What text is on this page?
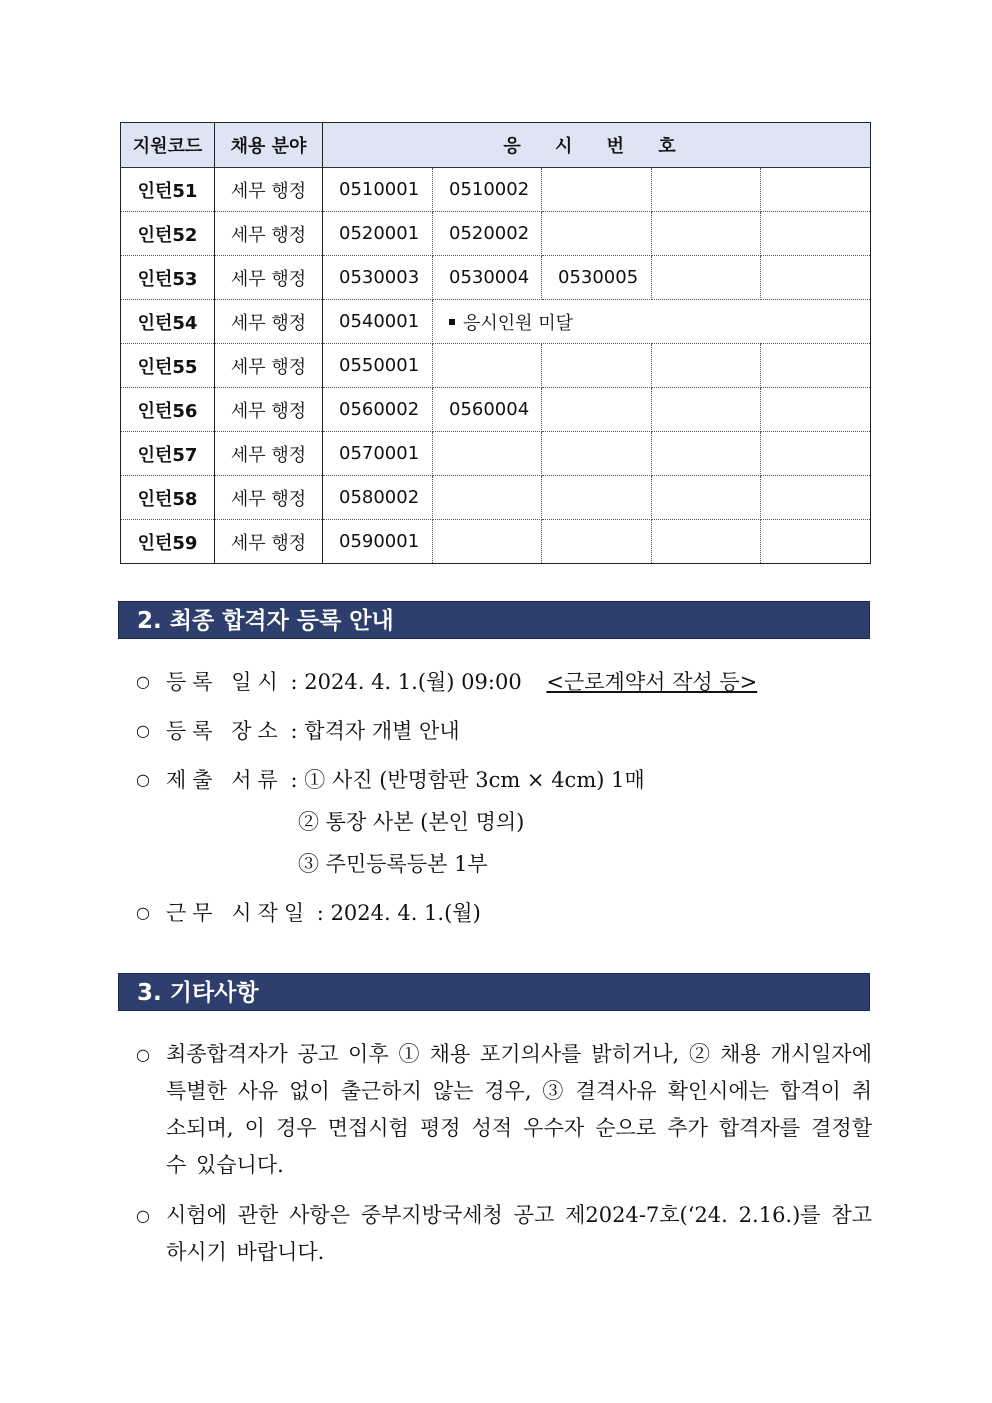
지원코드	채용 분야	응 시 번 호				
인턴51	세무 행정	0510001	0510002			
인턴52	세무 행정	0520001	0520002			
인턴53	세무 행정	0530003	0530004	0530005		
인턴54	세무 행정	0540001	응시인원 미달			
인턴55	세무 행정	0550001				
인턴56	세무 행정	0560002	0560004			
인턴57	세무 행정	0570001				
인턴58	세무 행정	0580002				
인턴59	세무 행정	0590001				
2. 최종 합격자 등록 안내
○ 등록 일시 : 2024. 4. 1.(월) 09:00 <근로계약서 작성 등>
○ 등록 장소 : 합격자 개별 안내
○ 제출 서류 : ① 사진 (반명함판 3cm × 4cm) 1매
② 통장 사본 (본인 명의)
③ 주민등록등본 1부
○ 근무 시작일 : 2024. 4. 1.(월)
3. 기타사항
○ 최종합격자가 공고 이후 ① 채용 포기의사를 밝히거나, ② 채용 개시일자에 특별한 사유 없이 출근하지 않는 경우, ③ 결격사유 확인시에는 합격이 취소되며, 이 경우 면접시험 평정 성적 우수자 순으로 추가 합격자를 결정할 수 있습니다.
○ 시험에 관한 사항은 중부지방국세청 공고 제2024-7호(‘24. 2.16.)를 참고하시기 바랍니다.
